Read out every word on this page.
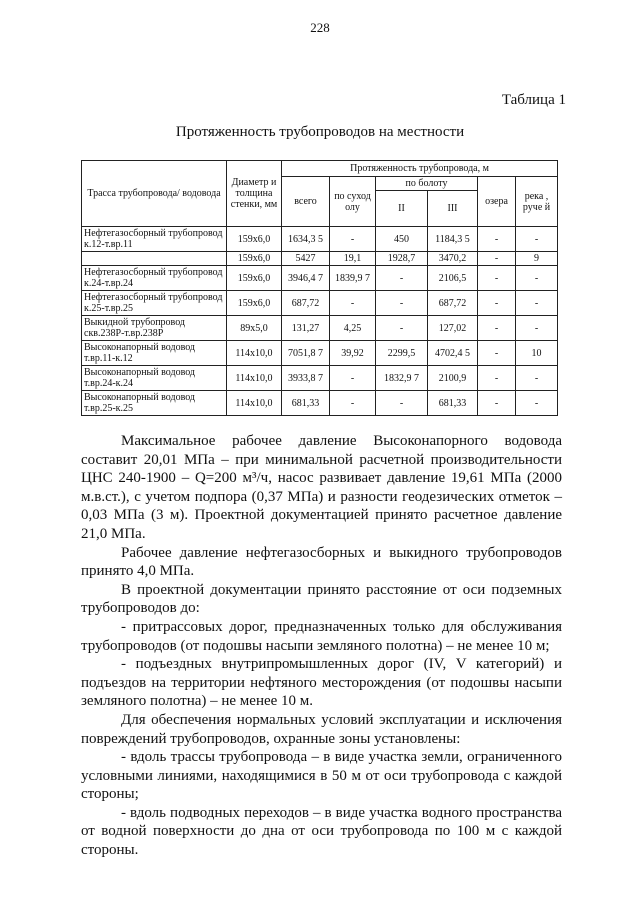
228
Таблица 1
Протяженность трубопроводов на местности
Трасса трубопровода/ водовода	Диаметр и толщина стенки, мм	Протяженность трубопровода, м					
		всего	по суход олу	по болоту		озера	река , руче й
				II	III		
Нефтегазосборный трубопровод к.12-т.вр.11	159х6,0	1634,3 5	-	450	1184,3 5	-	-
	159х6,0	5427	19,1	1928,7	3470,2	-	9
Нефтегазосборный трубопровод к.24-т.вр.24	159х6,0	3946,4 7	1839,9 7	-	2106,5	-	-
Нефтегазосборный трубопровод к.25-т.вр.25	159х6,0	687,72	-	-	687,72	-	-
Выкидной трубопровод скв.238Р-т.вр.238Р	89х5,0	131,27	4,25	-	127,02	-	-
Высоконапорный водовод т.вр.11-к.12	114х10,0	7051,8 7	39,92	2299,5	4702,4 5	-	10
Высоконапорный водовод т.вр.24-к.24	114х10,0	3933,8 7	-	1832,9 7	2100,9	-	-
Высоконапорный водовод т.вр.25-к.25	114х10,0	681,33	-	-	681,33	-	-

Максимальное рабочее давление Высоконапорного водовода составит 20,01 МПа – при минимальной расчетной производительности ЦНС 240-1900 – Q=200 м³/ч, насос развивает давление 19,61 МПа (2000 м.в.ст.), с учетом подпора (0,37 МПа) и разности геодезических отметок – 0,03 МПа (3 м). Проектной документацией принято расчетное давление 21,0 МПа.

Рабочее давление нефтегазосборных и выкидного трубопроводов принято 4,0 МПа.

В проектной документации принято расстояние от оси подземных трубопроводов до:

- притрассовых дорог, предназначенных только для обслуживания трубопроводов (от подошвы насыпи земляного полотна) – не менее 10 м;

- подъездных внутрипромышленных дорог (IV, V категорий) и подъездов на территории нефтяного месторождения (от подошвы насыпи земляного полотна) – не менее 10 м.

Для обеспечения нормальных условий эксплуатации и исключения повреждений трубопроводов, охранные зоны установлены:

- вдоль трассы трубопровода – в виде участка земли, ограниченного условными линиями, находящимися в 50 м от оси трубопровода с каждой стороны;

- вдоль подводных переходов – в виде участка водного пространства от водной поверхности до дна от оси трубопровода по 100 м с каждой стороны.
